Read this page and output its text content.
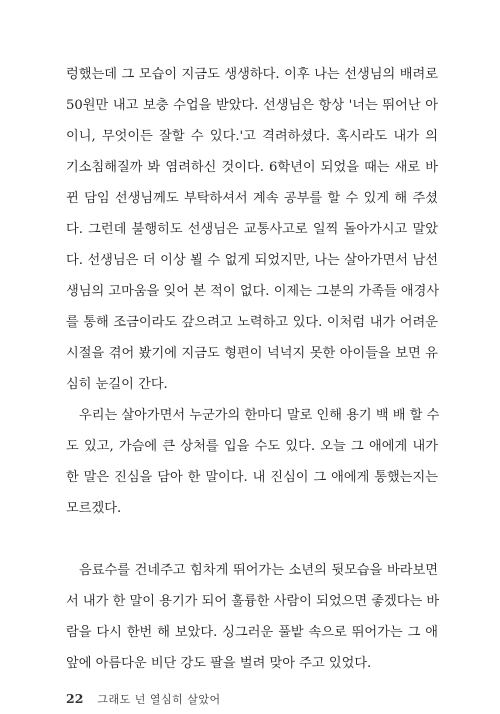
렁했는데 그 모습이 지금도 생생하다. 이후 나는 선생님의 배려로
50원만 내고 보충 수업을 받았다. 선생님은 항상 '너는 뛰어난 아
이니, 무엇이든 잘할 수 있다.'고 격려하셨다. 혹시라도 내가 의
기소침해질까 봐 염려하신 것이다. 6학년이 되었을 때는 새로 바
뀐 담임 선생님께도 부탁하셔서 계속 공부를 할 수 있게 해 주셨
다. 그런데 불행히도 선생님은 교통사고로 일찍 돌아가시고 말았
다. 선생님은 더 이상 뵐 수 없게 되었지만, 나는 살아가면서 남선
생님의 고마움을 잊어 본 적이 없다. 이제는 그분의 가족들 애경사
를 통해 조금이라도 갚으려고 노력하고 있다. 이처럼 내가 어려운
시절을 겪어 봤기에 지금도 형편이 넉넉지 못한 아이들을 보면 유
심히 눈길이 간다.
우리는 살아가면서 누군가의 한마디 말로 인해 용기 백 배 할 수
도 있고, 가슴에 큰 상처를 입을 수도 있다. 오늘 그 애에게 내가
한 말은 진심을 담아 한 말이다. 내 진심이 그 애에게 통했는지는
모르겠다.
음료수를 건네주고 힘차게 뛰어가는 소년의 뒷모습을 바라보면
서 내가 한 말이 용기가 되어 훌륭한 사람이 되었으면 좋겠다는 바
람을 다시 한번 해 보았다. 싱그러운 풀밭 속으로 뛰어가는 그 애
앞에 아름다운 비단 강도 팔을 벌려 맞아 주고 있었다.
22 그래도 넌 열심히 살았어
